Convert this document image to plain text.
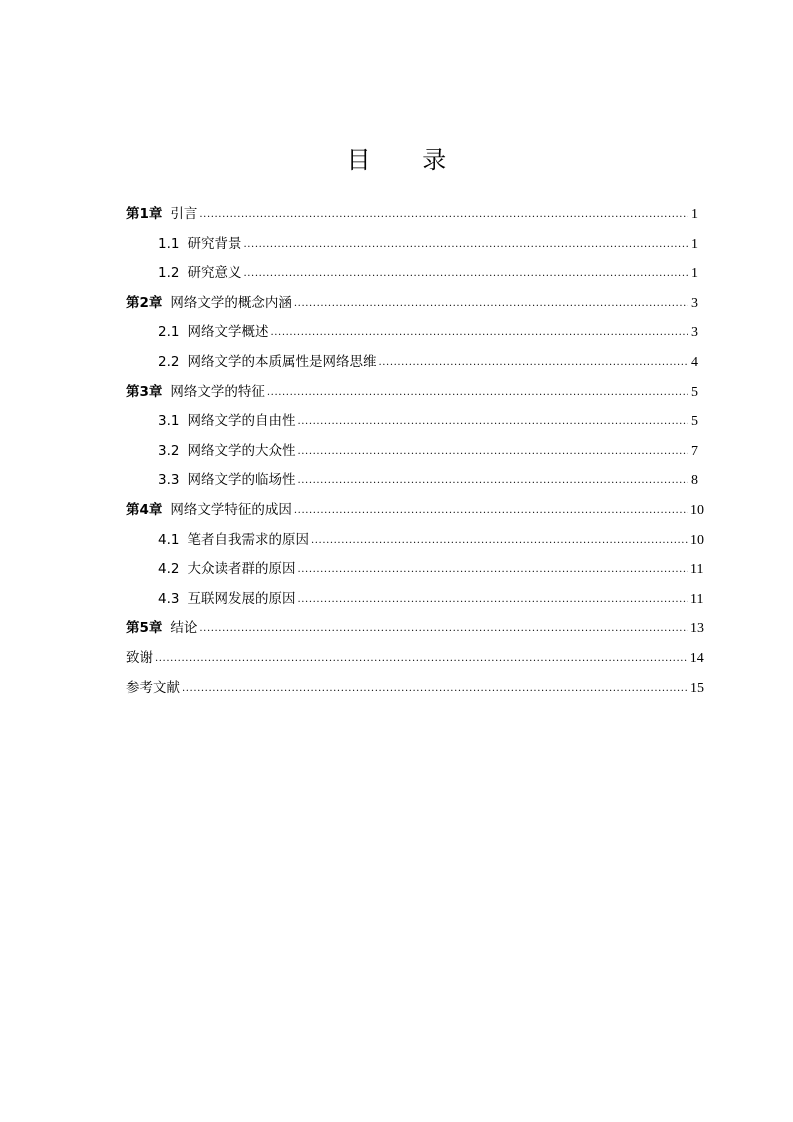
目 录
第1章 引言 .....	1
1.1 研究背景 .....	1
1.2 研究意义 .....	1
第2章 网络文学的概念内涵 .....	3
2.1 网络文学概述 .....	3
2.2 网络文学的本质属性是网络思维 .....	4
第3章 网络文学的特征 .....	5
3.1 网络文学的自由性 .....	5
3.2 网络文学的大众性 .....	7
3.3 网络文学的临场性 .....	8
第4章 网络文学特征的成因 .....	10
4.1 笔者自我需求的原因 .....	10
4.2 大众读者群的原因 .....	11
4.3 互联网发展的原因 .....	11
第5章 结论 .....	13
致谢 .....	14
参考文献 .....	15
